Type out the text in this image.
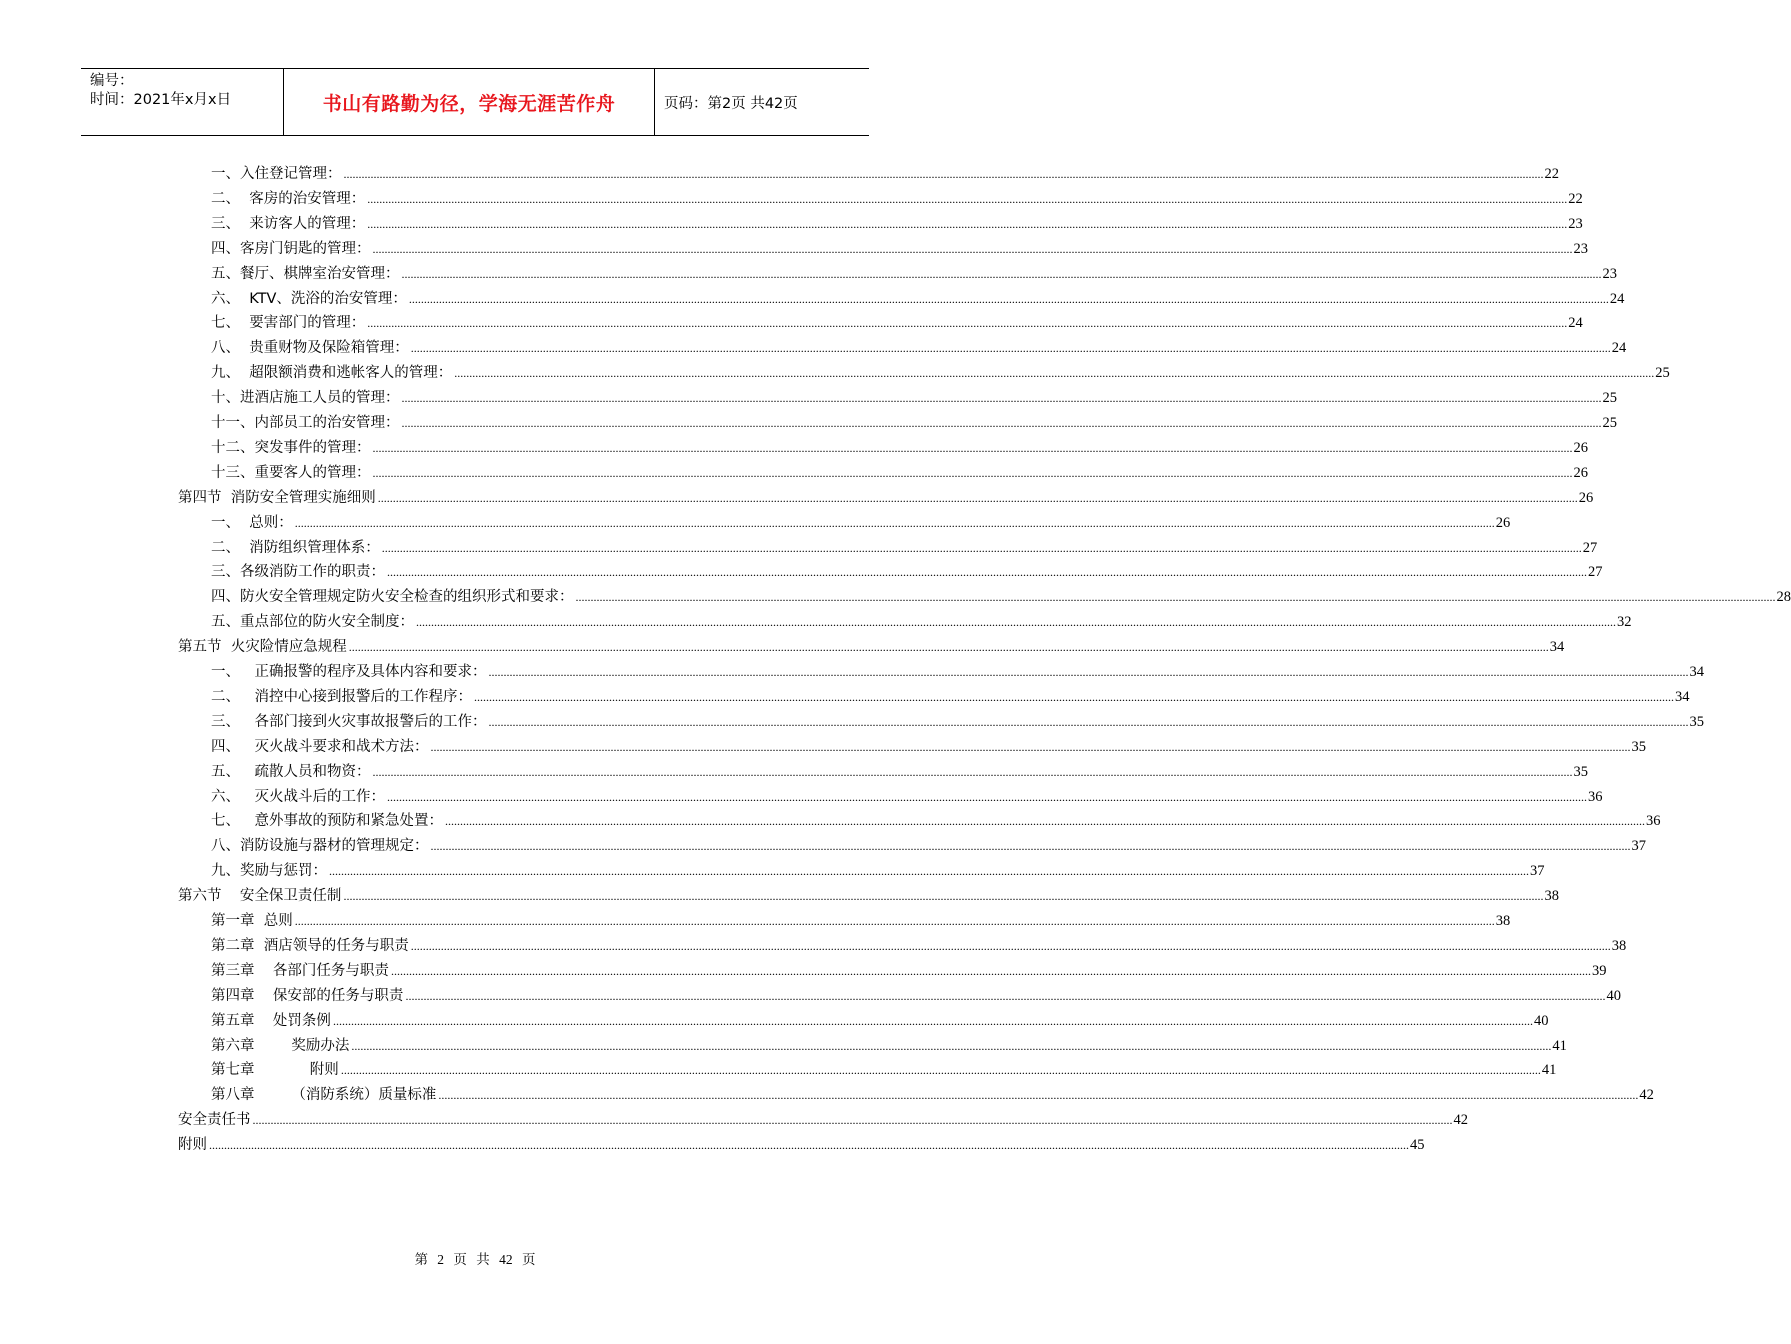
编号：
时间：2021年x月x日	书山有路勤为径，学海无涯苦作舟	页码：第2页 共42页
一、入住登记管理： ................................................................................................................................................................................................................................................................................................................................................................................................................ 22
二、  客房的治安管理： ................................................................................................................................................................................................................................................................................................................................................................................................................ 22
三、  来访客人的管理： ................................................................................................................................................................................................................................................................................................................................................................................................................ 23
四、客房门钥匙的管理： ................................................................................................................................................................................................................................................................................................................................................................................................................ 23
五、餐厅、棋牌室治安管理： ................................................................................................................................................................................................................................................................................................................................................................................................................ 23
六、  KTV、洗浴的治安管理： ................................................................................................................................................................................................................................................................................................................................................................................................................ 24
七、  要害部门的管理： ................................................................................................................................................................................................................................................................................................................................................................................................................ 24
八、  贵重财物及保险箱管理： ................................................................................................................................................................................................................................................................................................................................................................................................................ 24
九、  超限额消费和逃帐客人的管理： ................................................................................................................................................................................................................................................................................................................................................................................................................ 25
十、进酒店施工人员的管理： ................................................................................................................................................................................................................................................................................................................................................................................................................ 25
十一、内部员工的治安管理： ................................................................................................................................................................................................................................................................................................................................................................................................................ 25
十二、突发事件的管理： ................................................................................................................................................................................................................................................................................................................................................................................................................ 26
十三、重要客人的管理： ................................................................................................................................................................................................................................................................................................................................................................................................................ 26
第四节  消防安全管理实施细则 ................................................................................................................................................................................................................................................................................................................................................................................................................ 26
一、  总则： ................................................................................................................................................................................................................................................................................................................................................................................................................ 26
二、  消防组织管理体系： ................................................................................................................................................................................................................................................................................................................................................................................................................ 27
三、各级消防工作的职责： ................................................................................................................................................................................................................................................................................................................................................................................................................ 27
四、防火安全管理规定防火安全检查的组织形式和要求： ................................................................................................................................................................................................................................................................................................................................................................................................................ 28
五、重点部位的防火安全制度： ................................................................................................................................................................................................................................................................................................................................................................................................................ 32
第五节  火灾险情应急规程 ................................................................................................................................................................................................................................................................................................................................................................................................................ 34
一、    正确报警的程序及具体内容和要求： ................................................................................................................................................................................................................................................................................................................................................................................................................ 34
二、    消控中心接到报警后的工作程序： ................................................................................................................................................................................................................................................................................................................................................................................................................ 34
三、    各部门接到火灾事故报警后的工作： ................................................................................................................................................................................................................................................................................................................................................................................................................ 35
四、    灭火战斗要求和战术方法： ................................................................................................................................................................................................................................................................................................................................................................................................................ 35
五、    疏散人员和物资： ................................................................................................................................................................................................................................................................................................................................................................................................................ 35
六、    灭火战斗后的工作： ................................................................................................................................................................................................................................................................................................................................................................................................................ 36
七、    意外事故的预防和紧急处置： ................................................................................................................................................................................................................................................................................................................................................................................................................ 36
八、消防设施与器材的管理规定： ................................................................................................................................................................................................................................................................................................................................................................................................................ 37
九、奖励与惩罚： ................................................................................................................................................................................................................................................................................................................................................................................................................ 37
第六节    安全保卫责任制 ................................................................................................................................................................................................................................................................................................................................................................................................................ 38
第一章  总则 ................................................................................................................................................................................................................................................................................................................................................................................................................ 38
第二章  酒店领导的任务与职责 ................................................................................................................................................................................................................................................................................................................................................................................................................ 38
第三章    各部门任务与职责 ................................................................................................................................................................................................................................................................................................................................................................................................................ 39
第四章    保安部的任务与职责 ................................................................................................................................................................................................................................................................................................................................................................................................................ 40
第五章    处罚条例 ................................................................................................................................................................................................................................................................................................................................................................................................................ 40
第六章        奖励办法 ................................................................................................................................................................................................................................................................................................................................................................................................................ 41
第七章            附则 ................................................................................................................................................................................................................................................................................................................................................................................................................ 41
第八章        （消防系统）质量标准 ................................................................................................................................................................................................................................................................................................................................................................................................................ 42
安全责任书 ................................................................................................................................................................................................................................................................................................................................................................................................................ 42
附则 ................................................................................................................................................................................................................................................................................................................................................................................................................ 45
第 2 页 共 42 页
